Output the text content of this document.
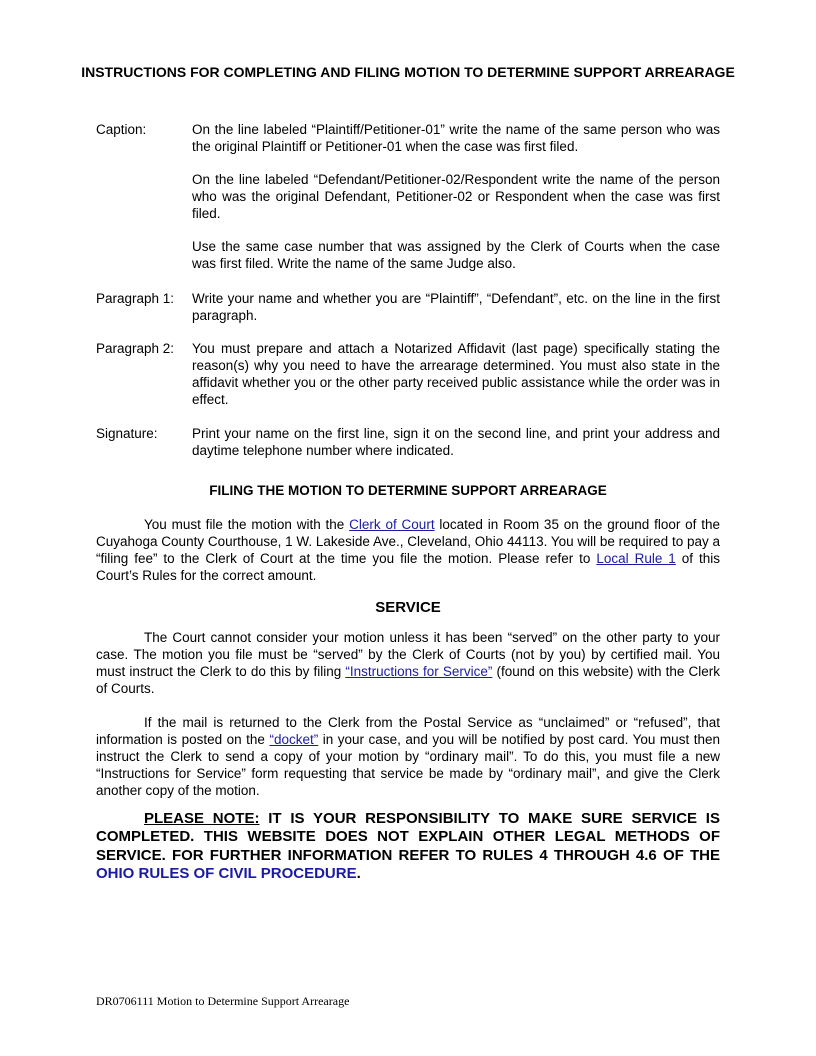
INSTRUCTIONS FOR COMPLETING AND FILING MOTION TO DETERMINE SUPPORT ARREARAGE
Caption:	On the line labeled “Plaintiff/Petitioner-01” write the name of the same person who was the original Plaintiff or Petitioner-01 when the case was first filed.

On the line labeled “Defendant/Petitioner-02/Respondent write the name of the person who was the original Defendant, Petitioner-02 or Respondent when the case was first filed.

Use the same case number that was assigned by the Clerk of Courts when the case was first filed. Write the name of the same Judge also.

Paragraph 1: Write your name and whether you are “Plaintiff”, “Defendant”, etc. on the line in the first paragraph.

Paragraph 2: You must prepare and attach a Notarized Affidavit (last page) specifically stating the reason(s) why you need to have the arrearage determined. You must also state in the affidavit whether you or the other party received public assistance while the order was in effect.

Signature:	Print your name on the first line, sign it on the second line, and print your address and daytime telephone number where indicated.

FILING THE MOTION TO DETERMINE SUPPORT ARREARAGE

You must file the motion with the Clerk of Court located in Room 35 on the ground floor of the Cuyahoga County Courthouse, 1 W. Lakeside Ave., Cleveland, Ohio 44113. You will be required to pay a “filing fee” to the Clerk of Court at the time you file the motion. Please refer to Local Rule 1 of this Court’s Rules for the correct amount.

SERVICE

The Court cannot consider your motion unless it has been “served” on the other party to your case. The motion you file must be “served” by the Clerk of Courts (not by you) by certified mail. You must instruct the Clerk to do this by filing “Instructions for Service” (found on this website) with the Clerk of Courts.

If the mail is returned to the Clerk from the Postal Service as “unclaimed” or “refused”, that information is posted on the “docket” in your case, and you will be notified by post card. You must then instruct the Clerk to send a copy of your motion by “ordinary mail”. To do this, you must file a new “Instructions for Service” form requesting that service be made by “ordinary mail”, and give the Clerk another copy of the motion.

PLEASE NOTE: IT IS YOUR RESPONSIBILITY TO MAKE SURE SERVICE IS COMPLETED. THIS WEBSITE DOES NOT EXPLAIN OTHER LEGAL METHODS OF SERVICE. FOR FURTHER INFORMATION REFER TO RULES 4 THROUGH 4.6 OF THE OHIO RULES OF CIVIL PROCEDURE.
DR0706111 Motion to Determine Support Arrearage
